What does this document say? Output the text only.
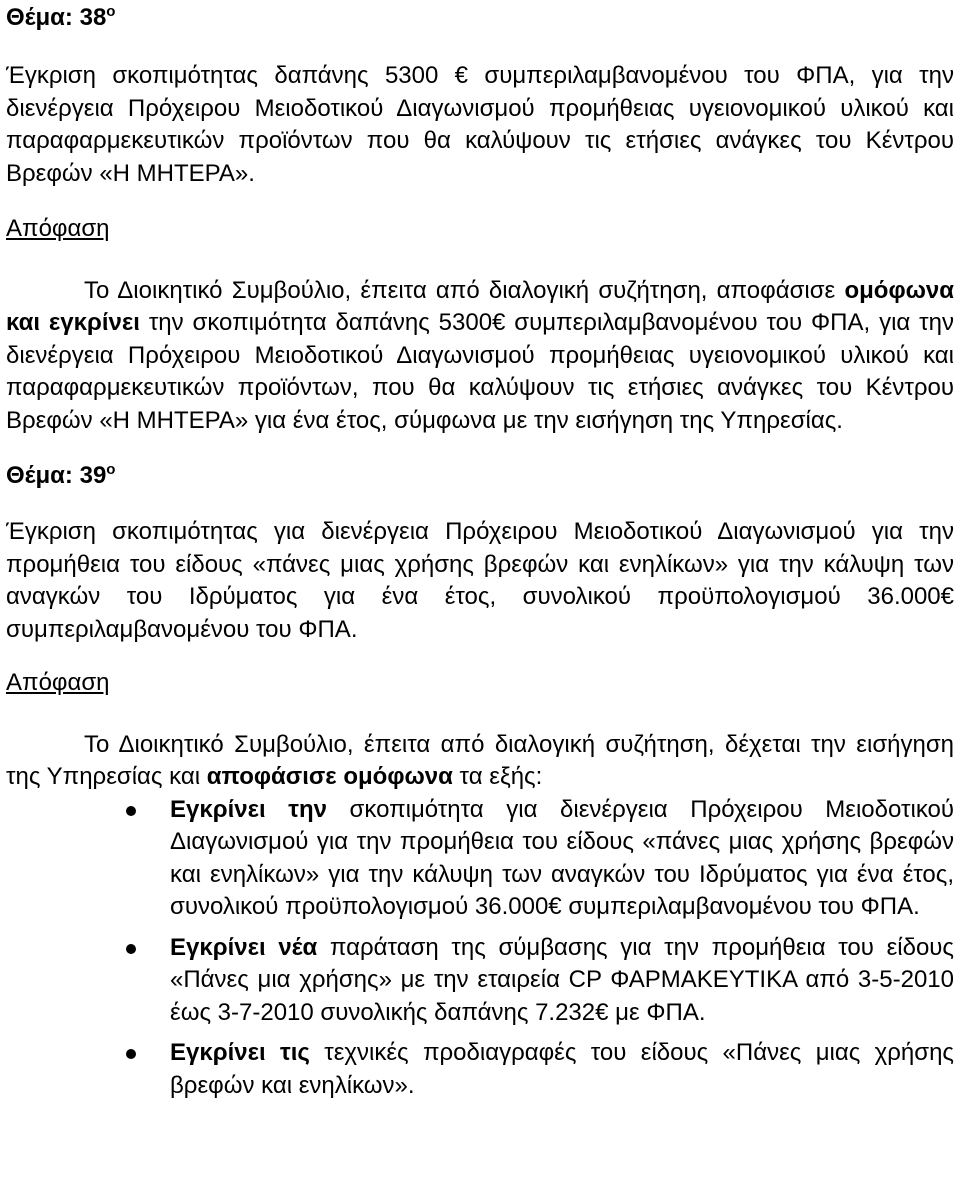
Θέμα: $38^o$

Έγκριση σκοπιμότητας δαπάνης 5300 € συμπεριλαμβανομένου του ΦΠΑ, για την διενέργεια Πρόχειρου Μειοδοτικού Διαγωνισμού προμήθειας υγειονομικού υλικού και παραφαρμεκευτικών προϊόντων που θα καλύψουν τις ετήσιες ανάγκες του Κέντρου Βρεφών «Η ΜΗΤΕΡΑ».

Απόφαση

Το Διοικητικό Συμβούλιο, έπειτα από διαλογική συζήτηση, αποφάσισε ομόφωνα και εγκρίνει την σκοπιμότητα δαπάνης 5300€ συμπεριλαμβανομένου του ΦΠΑ, για την διενέργεια Πρόχειρου Μειοδοτικού Διαγωνισμού προμήθειας υγειονομικού υλικού και παραφαρμεκευτικών προϊόντων, που θα καλύψουν τις ετήσιες ανάγκες του Κέντρου Βρεφών «Η ΜΗΤΕΡΑ» για ένα έτος, σύμφωνα με την εισήγηση της Υπηρεσίας.

Θέμα: $39^o$

Έγκριση σκοπιμότητας για διενέργεια Πρόχειρου Μειοδοτικού Διαγωνισμού για την προμήθεια του είδους «πάνες μιας χρήσης βρεφών και ενηλίκων» για την κάλυψη των αναγκών του Ιδρύματος για ένα έτος, συνολικού προϋπολογισμού 36.000€ συμπεριλαμβανομένου του ΦΠΑ.

Απόφαση

Το Διοικητικό Συμβούλιο, έπειτα από διαλογική συζήτηση, δέχεται την εισήγηση της Υπηρεσίας και αποφάσισε ομόφωνα τα εξής:

Εγκρίνει την σκοπιμότητα για διενέργεια Πρόχειρου Μειοδοτικού Διαγωνισμού για την προμήθεια του είδους «πάνες μιας χρήσης βρεφών και ενηλίκων» για την κάλυψη των αναγκών του Ιδρύματος για ένα έτος, συνολικού προϋπολογισμού 36.000€ συμπεριλαμβανομένου του ΦΠΑ.
Εγκρίνει νέα παράταση της σύμβασης για την προμήθεια του είδους «Πάνες μια χρήσης» με την εταιρεία CP ΦΑΡΜΑΚΕΥΤΙΚΑ από 3-5-2010 έως 3-7-2010 συνολικής δαπάνης 7.232€ με ΦΠΑ.
Εγκρίνει τις τεχνικές προδιαγραφές του είδους «Πάνες μιας χρήσης βρεφών και ενηλίκων».
